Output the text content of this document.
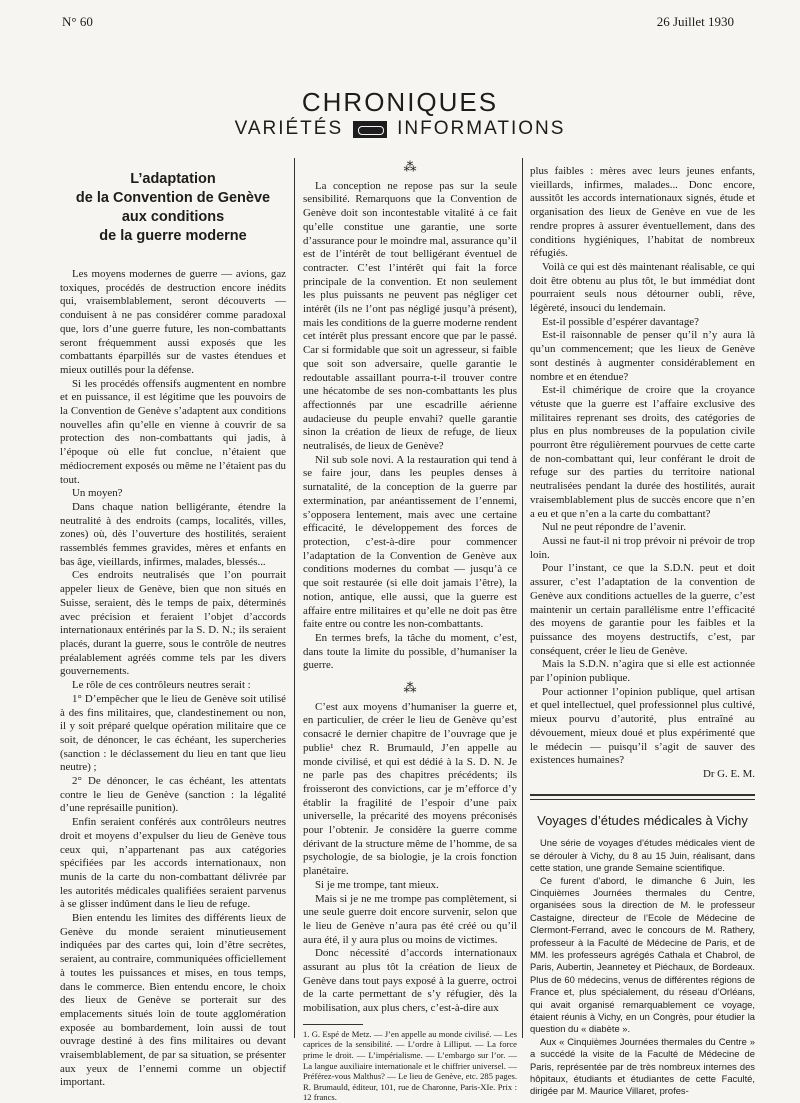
N° 60	26 Juillet 1930
CHRONIQUES
VARIÉTÉS	INFORMATIONS
L’adaptation
de la Convention de Genève
aux conditions
de la guerre moderne

Les moyens modernes de guerre — avions, gaz toxiques, procédés de destruction encore inédits qui, vraisemblablement, seront découverts — conduisent à ne pas considérer comme paradoxal que, lors d’une guerre future, les non-combattants seront fréquemment aussi exposés que les combattants éparpillés sur de vastes étendues et mieux outillés pour la défense.

Si les procédés offensifs augmentent en nombre et en puissance, il est légitime que les pouvoirs de la Convention de Genève s’adaptent aux conditions nouvelles afin qu’elle en vienne à couvrir de sa protection des non-combattants qui jadis, à l’époque où elle fut conclue, n’étaient que médiocrement exposés ou même ne l’étaient pas du tout.

Un moyen?

Dans chaque nation belligérante, étendre la neutralité à des endroits (camps, localités, villes, zones) où, dès l’ouverture des hostilités, seraient rassemblés femmes gravides, mères et enfants en bas âge, vieillards, infirmes, malades, blessés...

Ces endroits neutralisés que l’on pourrait appeler lieux de Genève, bien que non situés en Suisse, seraient, dès le temps de paix, déterminés avec précision et feraient l’objet d’accords internationaux entérinés par la S. D. N.; ils seraient placés, durant la guerre, sous le contrôle de neutres préalablement agréés comme tels par les divers gouvernements.

Le rôle de ces contrôleurs neutres serait :

1° D’empêcher que le lieu de Genève soit utilisé à des fins militaires, que, clandestinement ou non, il y soit préparé quelque opération militaire que ce soit, de dénoncer, le cas échéant, les supercheries (sanction : le déclassement du lieu en tant que lieu neutre) ;

2° De dénoncer, le cas échéant, les attentats contre le lieu de Genève (sanction : la légalité d’une représaille punition).

Enfin seraient conférés aux contrôleurs neutres droit et moyens d’expulser du lieu de Genève tous ceux qui, n’appartenant pas aux catégories spécifiées par les accords internationaux, non munis de la carte du non-combattant délivrée par les autorités médicales qualifiées seraient parvenus à se glisser indûment dans le lieu de refuge.

Bien entendu les limites des différents lieux de Genève du monde seraient minutieusement indiquées par des cartes qui, loin d’être secrètes, seraient, au contraire, communiquées officiellement à toutes les puissances et mises, en tous temps, dans le commerce. Bien entendu encore, le choix des lieux de Genève se porterait sur des emplacements situés loin de toute agglomération exposée au bombardement, loin aussi de tout ouvrage destiné à des fins militaires ou devant vraisemblablement, de par sa situation, se présenter aux yeux de l’ennemi comme un objectif important.

⁂

La conception ne repose pas sur la seule sensibilité. Remarquons que la Convention de Genève doit son incontestable vitalité à ce fait qu’elle constitue une garantie, une sorte d’assurance pour le moindre mal, assurance qu’il est de l’intérêt de tout belligérant éventuel de contracter. C’est l’intérêt qui fait la force principale de la convention. Et non seulement les plus puissants ne peuvent pas négliger cet intérêt (ils ne l’ont pas négligé jusqu’à présent), mais les conditions de la guerre moderne rendent cet intérêt plus pressant encore que par le passé. Car si formidable que soit un agresseur, si faible que soit son adversaire, quelle garantie le redoutable assaillant pourra-t-il trouver contre une hécatombe de ses non-combattants les plus affectionnés par une escadrille aérienne audacieuse du peuple envahi? quelle garantie sinon la création de lieux de refuge, de lieux neutralisés, de lieux de Genève?

Nil sub sole novi. A la restauration qui tend à se faire jour, dans les peuples denses à surnatalité, de la conception de la guerre par extermination, par anéantissement de l’ennemi, s’opposera lentement, mais avec une certaine efficacité, le développement des forces de protection, c’est-à-dire pour commencer l’adaptation de la Convention de Genève aux conditions modernes du combat — jusqu’à ce que soit restaurée (si elle doit jamais l’être), la notion, antique, elle aussi, que la guerre est affaire entre militaires et qu’elle ne doit pas être faite entre ou contre les non-combattants.

En termes brefs, la tâche du moment, c’est, dans toute la limite du possible, d’humaniser la guerre.

⁂

C’est aux moyens d’humaniser la guerre et, en particulier, de créer le lieu de Genève qu’est consacré le dernier chapitre de l’ouvrage que je publie¹ chez R. Brumauld, J’en appelle au monde civilisé, et qui est dédié à la S. D. N. Je ne parle pas des chapitres précédents; ils froisseront des convictions, car je m’efforce d’y établir la fragilité de l’espoir d’une paix universelle, la précarité des moyens préconisés pour l’obtenir. Je considère la guerre comme dérivant de la structure même de l’homme, de sa psychologie, de sa biologie, je la crois fonction planétaire.

Si je me trompe, tant mieux.

Mais si je ne me trompe pas complètement, si une seule guerre doit encore survenir, selon que le lieu de Genève n’aura pas été créé ou qu’il aura été, il y aura plus ou moins de victimes.

Donc nécessité d’accords internationaux assurant au plus tôt la création de lieux de Genève dans tout pays exposé à la guerre, octroi de la carte permettant de s’y réfugier, dès la mobilisation, aux plus chers, c’est-à-dire aux

1. G. Espé de Metz. — J’en appelle au monde civilisé. — Les caprices de la sensibilité. — L’ordre à Lilliput. — La force prime le droit. — L’impérialisme. — L’embargo sur l’or. — La langue auxiliaire internationale et le chiffrier universel. — Préférez-vous Malthus? — Le lieu de Genève, etc. 285 pages. R. Brumauld, éditeur, 101, rue de Charonne, Paris-XIe. Prix : 12 francs.

plus faibles : mères avec leurs jeunes enfants, vieillards, infirmes, malades... Donc encore, aussitôt les accords internationaux signés, étude et organisation des lieux de Genève en vue de les rendre propres à assurer éventuellement, dans des conditions hygiéniques, l’habitat de nombreux réfugiés.

Voilà ce qui est dès maintenant réalisable, ce qui doit être obtenu au plus tôt, le but immédiat dont pourraient seuls nous détourner oubli, rêve, légèreté, insouci du lendemain.

Est-il possible d’espérer davantage?

Est-il raisonnable de penser qu’il n’y aura là qu’un commencement; que les lieux de Genève sont destinés à augmenter considérablement en nombre et en étendue?

Est-il chimérique de croire que la croyance vétuste que la guerre est l’affaire exclusive des militaires reprenant ses droits, des catégories de plus en plus nombreuses de la population civile pourront être régulièrement pourvues de cette carte de non-combattant qui, leur conférant le droit de refuge sur des parties du territoire national neutralisées pendant la durée des hostilités, aurait vraisemblablement plus de succès encore que n’en a eu et que n’en a la carte du combattant?

Nul ne peut répondre de l’avenir.

Aussi ne faut-il ni trop prévoir ni prévoir de trop loin.

Pour l’instant, ce que la S.D.N. peut et doit assurer, c’est l’adaptation de la convention de Genève aux conditions actuelles de la guerre, c’est maintenir un certain parallélisme entre l’efficacité des moyens de garantie pour les faibles et la puissance des moyens destructifs, c’est, par conséquent, créer le lieu de Genève.

Mais la S.D.N. n’agira que si elle est actionnée par l’opinion publique.

Pour actionner l’opinion publique, quel artisan et quel intellectuel, quel professionnel plus cultivé, mieux pourvu d’autorité, plus entraîné au dévouement, mieux doué et plus expérimenté que le médecin — puisqu’il s’agit de sauver des existences humaines?

Dr G. E. M.
Voyages d’études médicales à Vichy

Une série de voyages d’études médicales vient de se dérouler à Vichy, du 8 au 15 Juin, réalisant, dans cette station, une grande Semaine scientifique.

Ce furent d’abord, le dimanche 6 Juin, les Cinquièmes Journées thermales du Centre, organisées sous la direction de M. le professeur Castaigne, directeur de l’Ecole de Médecine de Clermont-Ferrand, avec le concours de M. Rathery, professeur à la Faculté de Médecine de Paris, et de MM. les professeurs agrégés Cathala et Chabrol, de Paris, Aubertin, Jeannetey et Piéchaux, de Bordeaux. Plus de 60 médecins, venus de différentes régions de France et, plus spécialement, du réseau d’Orléans, qui avait organisé remarquablement ce voyage, étaient réunis à Vichy, en un Congrès, pour étudier la question du « diabète ».

Aux « Cinquièmes Journées thermales du Centre » a succédé la visite de la Faculté de Médecine de Paris, représentée par de très nombreux internes des hôpitaux, étudiants et étudiantes de cette Faculté, dirigée par M. Maurice Villaret, profes-
